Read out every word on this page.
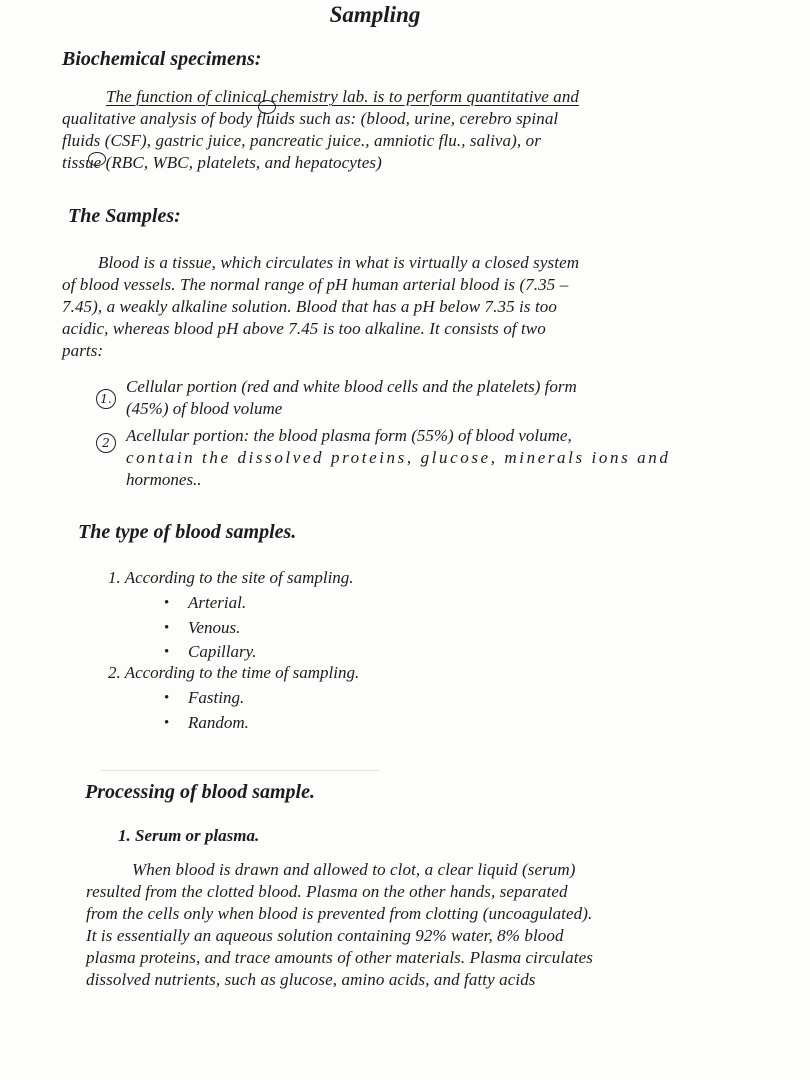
Sampling
Biochemical specimens:
The function of clinical chemistry lab. is to perform quantitative and
qualitative analysis of body fluids such as: (blood, urine, cerebro spinal
fluids (CSF), gastric juice, pancreatic juice., amniotic flu., saliva), or
tissue (RBC, WBC, platelets, and hepatocytes)
The Samples:
Blood is a tissue, which circulates in what is virtually a closed system
of blood vessels. The normal range of pH human arterial blood is (7.35 –
7.45), a weakly alkaline solution. Blood that has a pH below 7.35 is too
acidic, whereas blood pH above 7.45 is too alkaline. It consists of two
parts:
1.
Cellular portion (red and white blood cells and the platelets) form
(45%) of blood volume
2 Acellular portion: the blood plasma form (55%) of blood volume,
contain the dissolved proteins, glucose, minerals ions and
hormones..
The type of blood samples.
1. According to the site of sampling.
• Arterial.
• Venous.
• Capillary.
2. According to the time of sampling.
• Fasting.
• Random.
Processing of blood sample.
1. Serum or plasma.
When blood is drawn and allowed to clot, a clear liquid (serum)
resulted from the clotted blood. Plasma on the other hands, separated
from the cells only when blood is prevented from clotting (uncoagulated).
It is essentially an aqueous solution containing 92% water, 8% blood
plasma proteins, and trace amounts of other materials. Plasma circulates
dissolved nutrients, such as glucose, amino acids, and fatty acids
